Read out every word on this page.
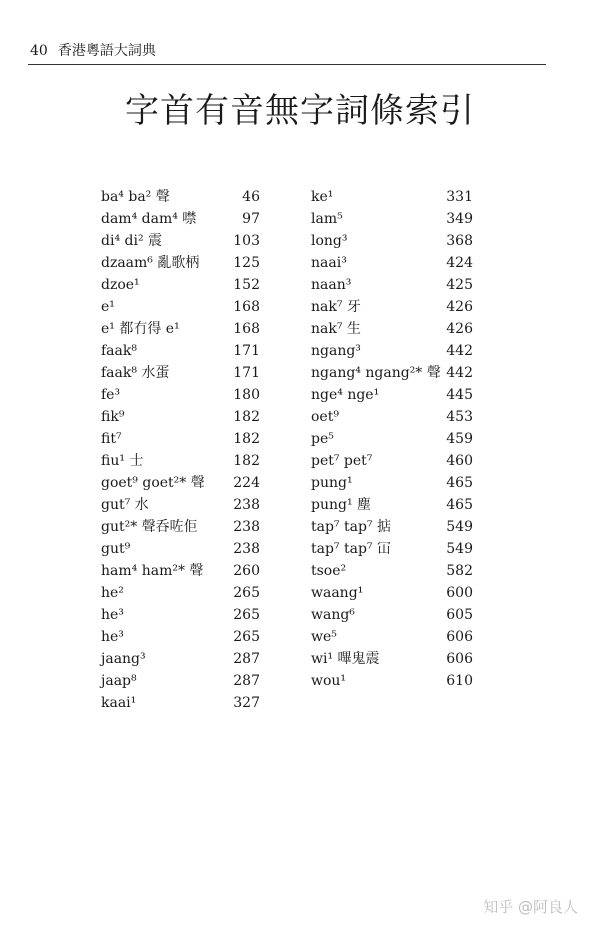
40 香港粵語大詞典
字首有音無字詞條索引
ba⁴ ba² 聲	46
dam⁴ dam⁴ 噤	97
di⁴ di² 震	103
dzaam⁶ 亂歌柄 125
dzoe¹	152
e¹	168
e¹ 都冇得 e¹	168
faak⁸	171
faak⁸ 水蛋	171
fe³	180
fik⁹	182
fit⁷	182
fiu¹ 士	182
goet⁹ goet²* 聲 224
gut⁷ 水	238
gut²* 聲呑咗佢	238
gut⁹	238
ham⁴ ham²* 聲 260
he²	265
he³	265
he³	265
jaang³	287
jaap⁸	287
kaai¹	327
ke¹	331
lam⁵	349
long³	368
naai³	424
naan³	425
nak⁷ 牙	426
nak⁷ 生	426
ngang³	442
ngang⁴ ngang²* 聲 442
nge⁴ nge¹	445
oet⁹	453
pe⁵	459
pet⁷ pet⁷	460
pung¹	465
pung¹ 塵	465
tap⁷ tap⁷ 掂	549
tap⁷ tap⁷ 冚	549
tsoe²	582
waang¹	600
wang⁶	605
we⁵	606
wi¹ 嗶鬼震	606
wou¹	610
知乎 @阿良人
